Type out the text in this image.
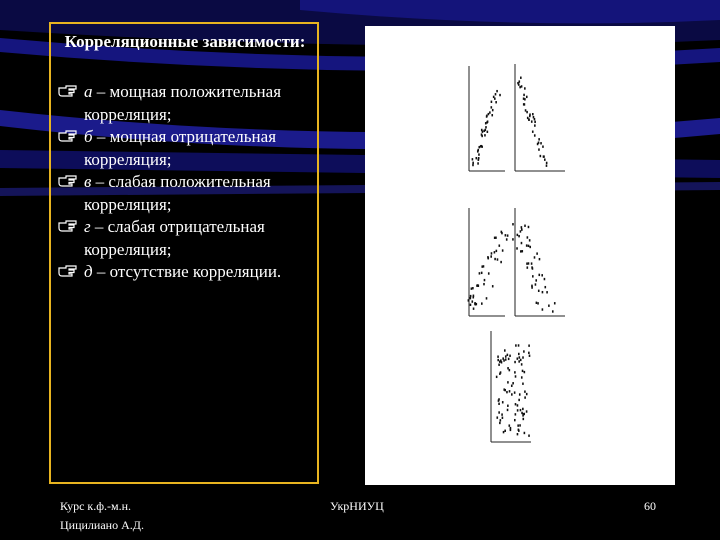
Корреляционные зависимости:
а – мощная положительная корреляция;
б – мощная отрицательная корреляция;
в – слабая положительная корреляция;
г – слабая отрицательная корреляция;
д – отсутствие корреляции.
Курс к.ф.-м.н.
Цицилиано А.Д.
УкрНИУЦ	60
